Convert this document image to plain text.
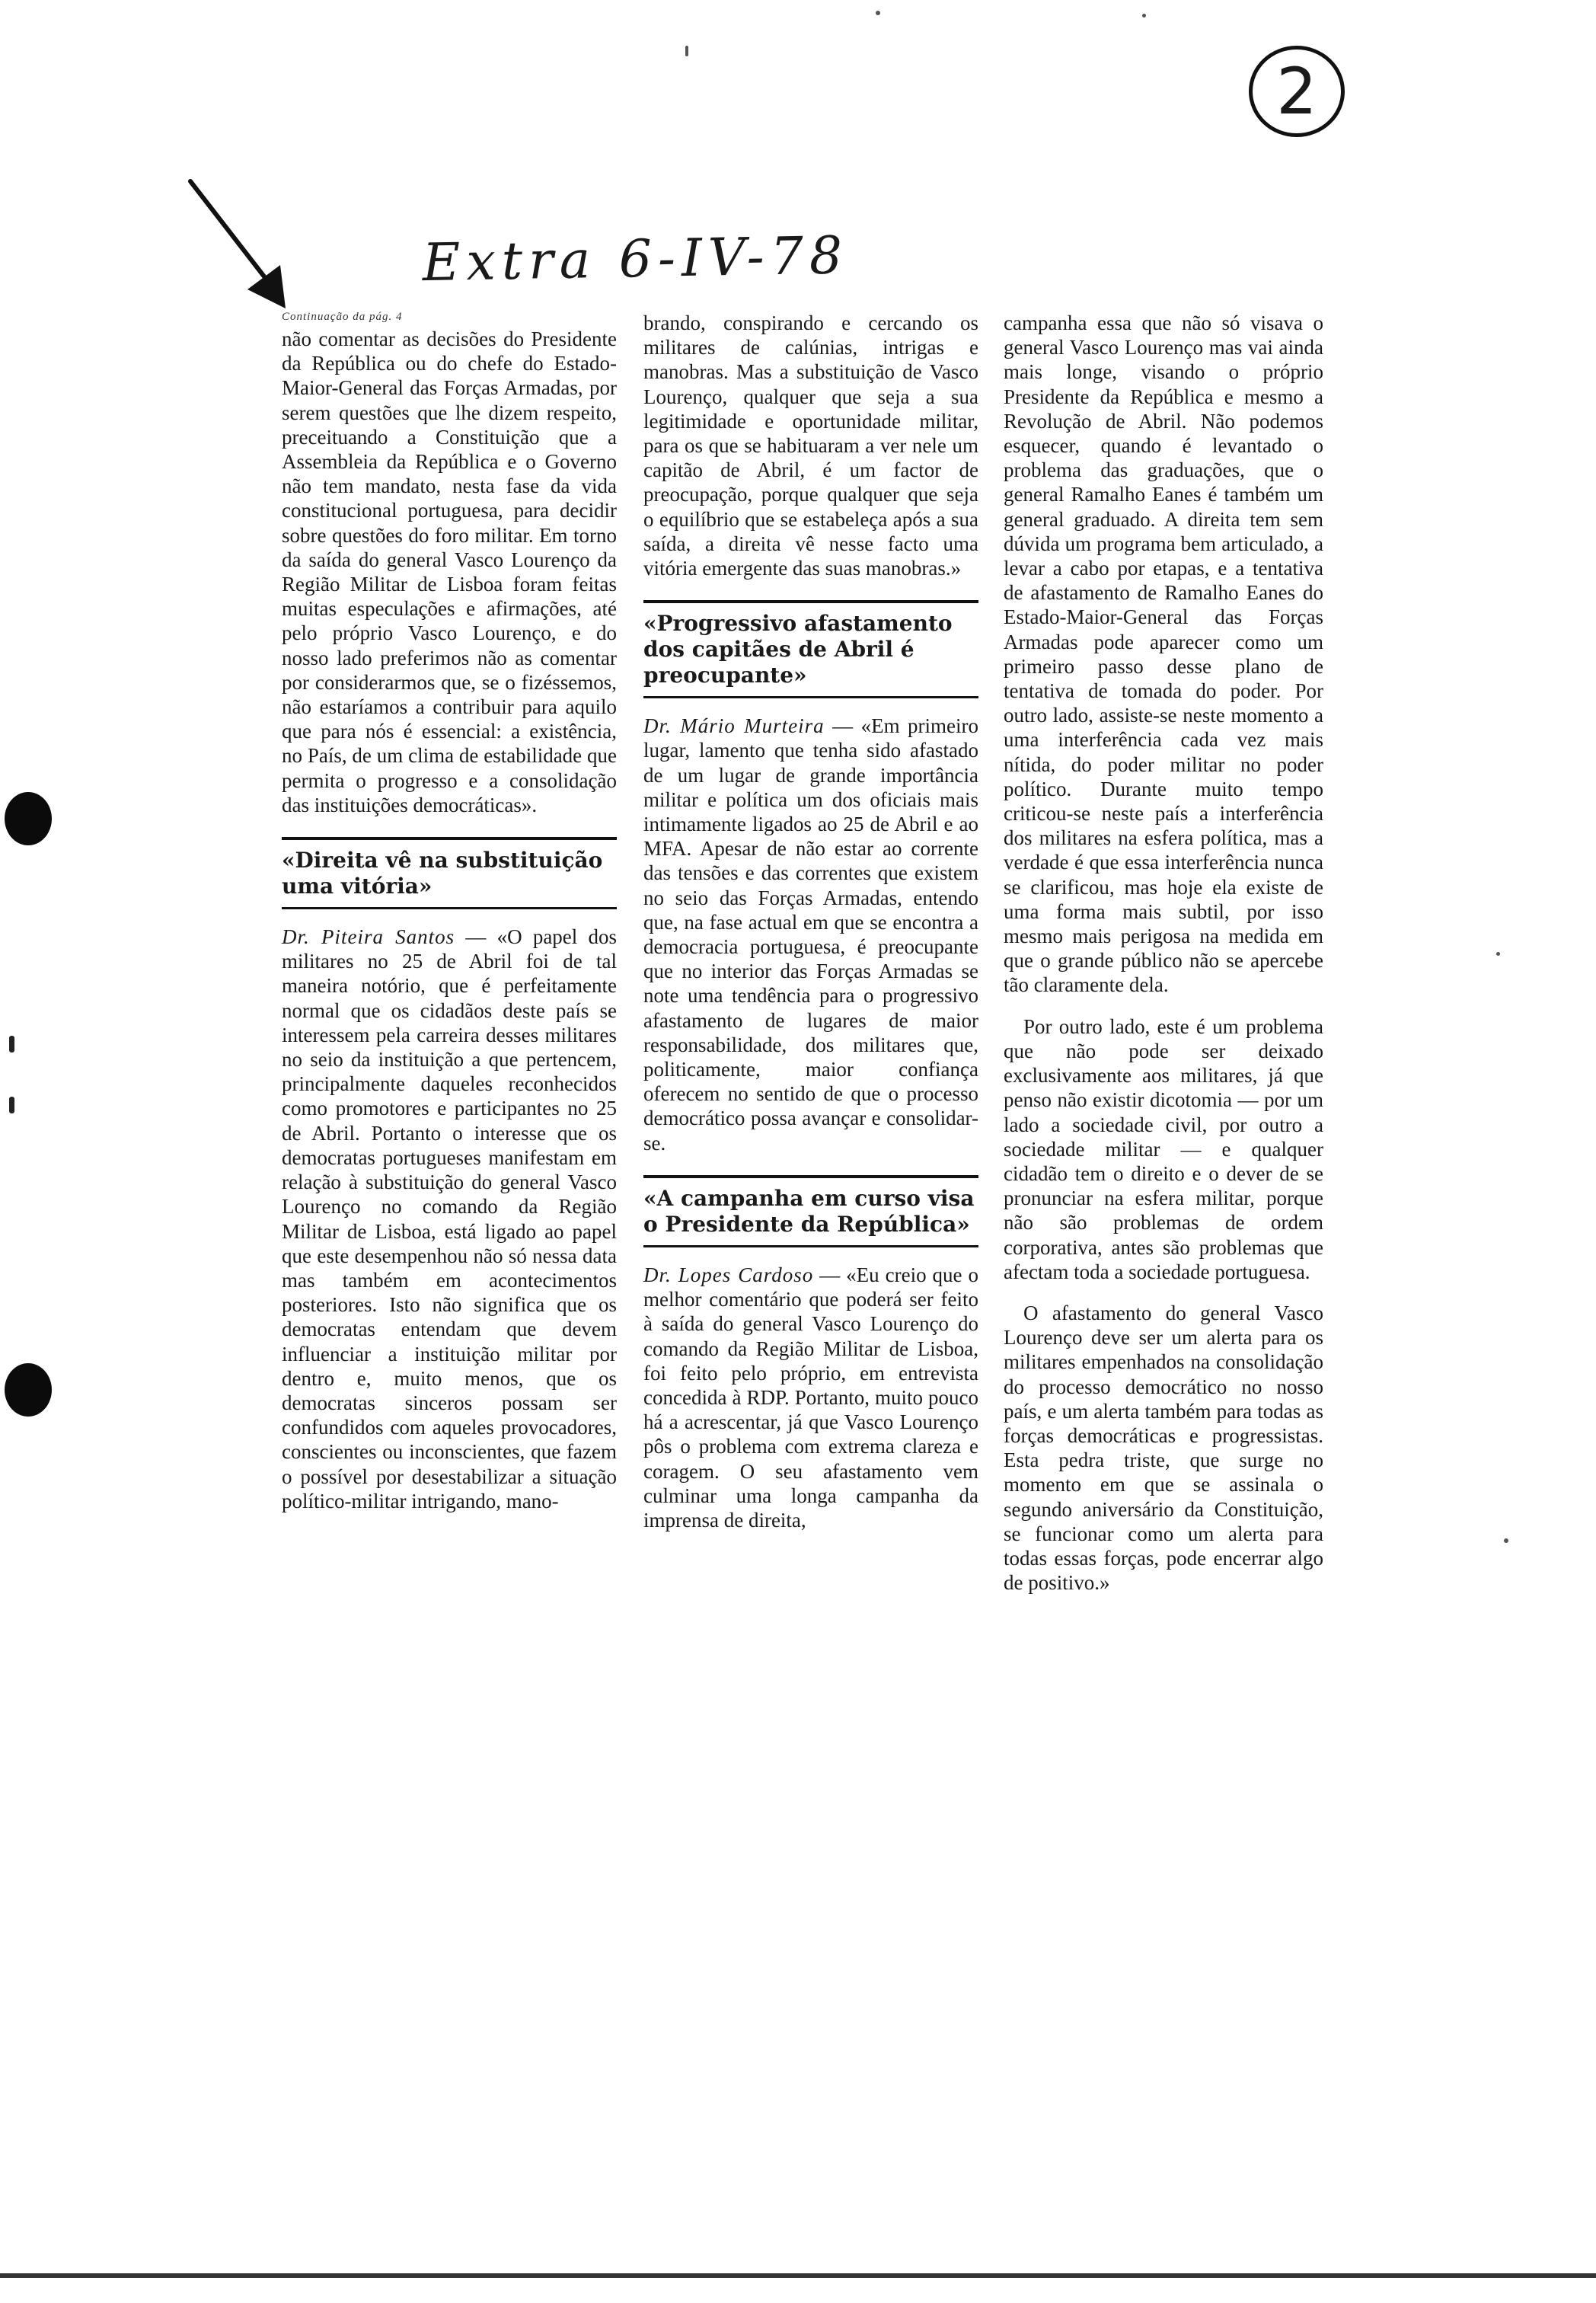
2
Extra 6-IV-78

Continuação da pág. 4

não comentar as decisões do Presidente da República ou do chefe do Estado-Maior-General das Forças Armadas, por serem questões que lhe dizem respeito, preceituando a Constituição que a Assembleia da República e o Governo não tem mandato, nesta fase da vida constitucional portuguesa, para decidir sobre questões do foro militar. Em torno da saída do general Vasco Lourenço da Região Militar de Lisboa foram feitas muitas especulações e afirmações, até pelo próprio Vasco Lourenço, e do nosso lado preferimos não as comentar por considerarmos que, se o fizéssemos, não estaríamos a contribuir para aquilo que para nós é essencial: a existência, no País, de um clima de estabilidade que permita o progresso e a consolidação das instituições democráticas».

«Direita vê na substituição uma vitória»

Dr. Piteira Santos — «O papel dos militares no 25 de Abril foi de tal maneira notório, que é perfeitamente normal que os cidadãos deste país se interessem pela carreira desses militares no seio da instituição a que pertencem, principalmente daqueles reconhecidos como promotores e participantes no 25 de Abril. Portanto o interesse que os democratas portugueses manifestam em relação à substituição do general Vasco Lourenço no comando da Região Militar de Lisboa, está ligado ao papel que este desempenhou não só nessa data mas também em acontecimentos posteriores. Isto não significa que os democratas entendam que devem influenciar a instituição militar por dentro e, muito menos, que os democratas sinceros possam ser confundidos com aqueles provocadores, conscientes ou inconscientes, que fazem o possível por desestabilizar a situação político-militar intrigando, mano-

brando, conspirando e cercando os militares de calúnias, intrigas e manobras. Mas a substituição de Vasco Lourenço, qualquer que seja a sua legitimidade e oportunidade militar, para os que se habituaram a ver nele um capitão de Abril, é um factor de preocupação, porque qualquer que seja o equilíbrio que se estabeleça após a sua saída, a direita vê nesse facto uma vitória emergente das suas manobras.»

«Progressivo afastamento dos capitães de Abril é preocupante»

Dr. Mário Murteira — «Em primeiro lugar, lamento que tenha sido afastado de um lugar de grande importância militar e política um dos oficiais mais intimamente ligados ao 25 de Abril e ao MFA. Apesar de não estar ao corrente das tensões e das correntes que existem no seio das Forças Armadas, entendo que, na fase actual em que se encontra a democracia portuguesa, é preocupante que no interior das Forças Armadas se note uma tendência para o progressivo afastamento de lugares de maior responsabilidade, dos militares que, politicamente, maior confiança oferecem no sentido de que o processo democrático possa avançar e consolidar-se.

«A campanha em curso visa o Presidente da República»

Dr. Lopes Cardoso — «Eu creio que o melhor comentário que poderá ser feito à saída do general Vasco Lourenço do comando da Região Militar de Lisboa, foi feito pelo próprio, em entrevista concedida à RDP. Portanto, muito pouco há a acrescentar, já que Vasco Lourenço pôs o problema com extrema clareza e coragem. O seu afastamento vem culminar uma longa campanha da imprensa de direita,

campanha essa que não só visava o general Vasco Lourenço mas vai ainda mais longe, visando o próprio Presidente da República e mesmo a Revolução de Abril. Não podemos esquecer, quando é levantado o problema das graduações, que o general Ramalho Eanes é também um general graduado. A direita tem sem dúvida um programa bem articulado, a levar a cabo por etapas, e a tentativa de afastamento de Ramalho Eanes do Estado-Maior-General das Forças Armadas pode aparecer como um primeiro passo desse plano de tentativa de tomada do poder. Por outro lado, assiste-se neste momento a uma interferência cada vez mais nítida, do poder militar no poder político. Durante muito tempo criticou-se neste país a interferência dos militares na esfera política, mas a verdade é que essa interferência nunca se clarificou, mas hoje ela existe de uma forma mais subtil, por isso mesmo mais perigosa na medida em que o grande público não se apercebe tão claramente dela.

Por outro lado, este é um problema que não pode ser deixado exclusivamente aos militares, já que penso não existir dicotomia — por um lado a sociedade civil, por outro a sociedade militar — e qualquer cidadão tem o direito e o dever de se pronunciar na esfera militar, porque não são problemas de ordem corporativa, antes são problemas que afectam toda a sociedade portuguesa.

O afastamento do general Vasco Lourenço deve ser um alerta para os militares empenhados na consolidação do processo democrático no nosso país, e um alerta também para todas as forças democráticas e progressistas. Esta pedra triste, que surge no momento em que se assinala o segundo aniversário da Constituição, se funcionar como um alerta para todas essas forças, pode encerrar algo de positivo.»
